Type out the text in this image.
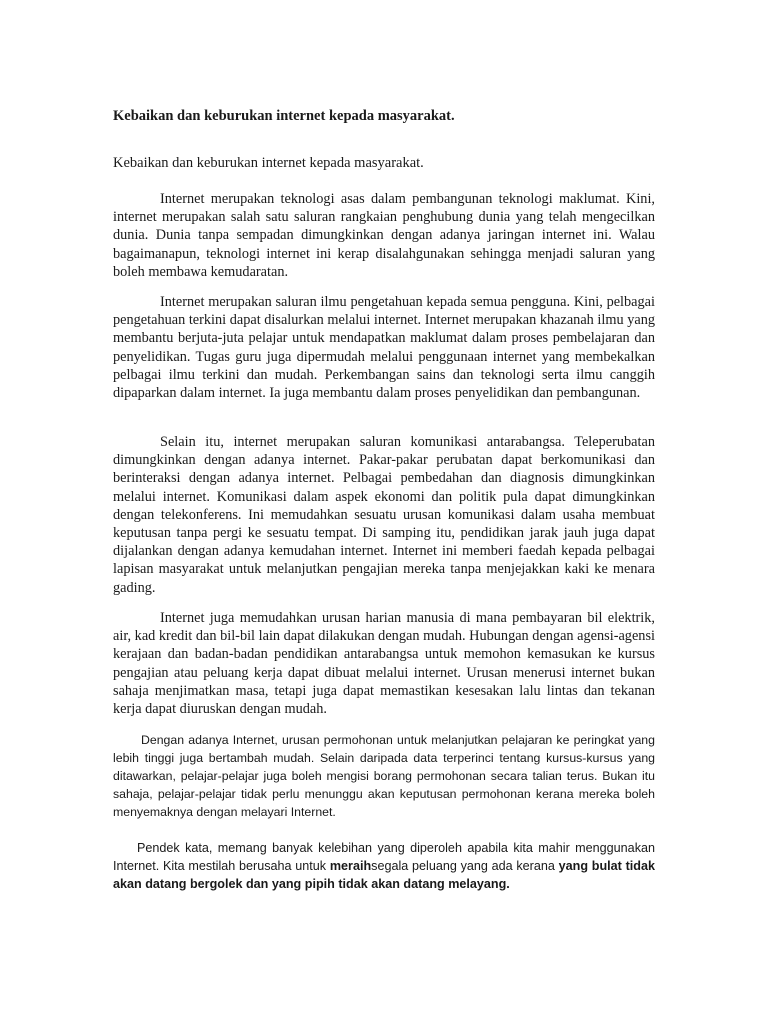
Kebaikan dan keburukan internet kepada masyarakat.

Kebaikan dan keburukan internet kepada masyarakat.

Internet merupakan teknologi asas dalam pembangunan teknologi maklumat. Kini, internet merupakan salah satu saluran rangkaian penghubung dunia yang telah mengecilkan dunia. Dunia tanpa sempadan dimungkinkan dengan adanya jaringan internet ini. Walau bagaimanapun, teknologi internet ini kerap disalahgunakan sehingga menjadi saluran yang boleh membawa kemudaratan.

Internet merupakan saluran ilmu pengetahuan kepada semua pengguna. Kini, pelbagai pengetahuan terkini dapat disalurkan melalui internet. Internet merupakan khazanah ilmu yang membantu berjuta-juta pelajar untuk mendapatkan maklumat dalam proses pembelajaran dan penyelidikan. Tugas guru juga dipermudah melalui penggunaan internet yang membekalkan pelbagai ilmu terkini dan mudah. Perkembangan sains dan teknologi serta ilmu canggih dipaparkan dalam internet. Ia juga membantu dalam proses penyelidikan dan pembangunan.

Selain itu, internet merupakan saluran komunikasi antarabangsa. Teleperubatan dimungkinkan dengan adanya internet. Pakar-pakar perubatan dapat berkomunikasi dan berinteraksi dengan adanya internet. Pelbagai pembedahan dan diagnosis dimungkinkan melalui internet. Komunikasi dalam aspek ekonomi dan politik pula dapat dimungkinkan dengan telekonferens. Ini memudahkan sesuatu urusan komunikasi dalam usaha membuat keputusan tanpa pergi ke sesuatu tempat. Di samping itu, pendidikan jarak jauh juga dapat dijalankan dengan adanya kemudahan internet. Internet ini memberi faedah kepada pelbagai lapisan masyarakat untuk melanjutkan pengajian mereka tanpa menjejakkan kaki ke menara gading.

Internet juga memudahkan urusan harian manusia di mana pembayaran bil elektrik, air, kad kredit dan bil-bil lain dapat dilakukan dengan mudah. Hubungan dengan agensi-agensi kerajaan dan badan-badan pendidikan antarabangsa untuk memohon kemasukan ke kursus pengajian atau peluang kerja dapat dibuat melalui internet. Urusan menerusi internet bukan sahaja menjimatkan masa, tetapi juga dapat memastikan kesesakan lalu lintas dan tekanan kerja dapat diuruskan dengan mudah.

Dengan adanya Internet, urusan permohonan untuk melanjutkan pelajaran ke peringkat yang lebih tinggi juga bertambah mudah. Selain daripada data terperinci tentang kursus-kursus yang ditawarkan, pelajar-pelajar juga boleh mengisi borang permohonan secara talian terus. Bukan itu sahaja, pelajar-pelajar tidak perlu menunggu akan keputusan permohonan kerana mereka boleh menyemaknya dengan melayari Internet.

Pendek kata, memang banyak kelebihan yang diperoleh apabila kita mahir menggunakan Internet. Kita mestilah berusaha untuk meraihsegala peluang yang ada kerana yang bulat tidak akan datang bergolek dan yang pipih tidak akan datang melayang.
